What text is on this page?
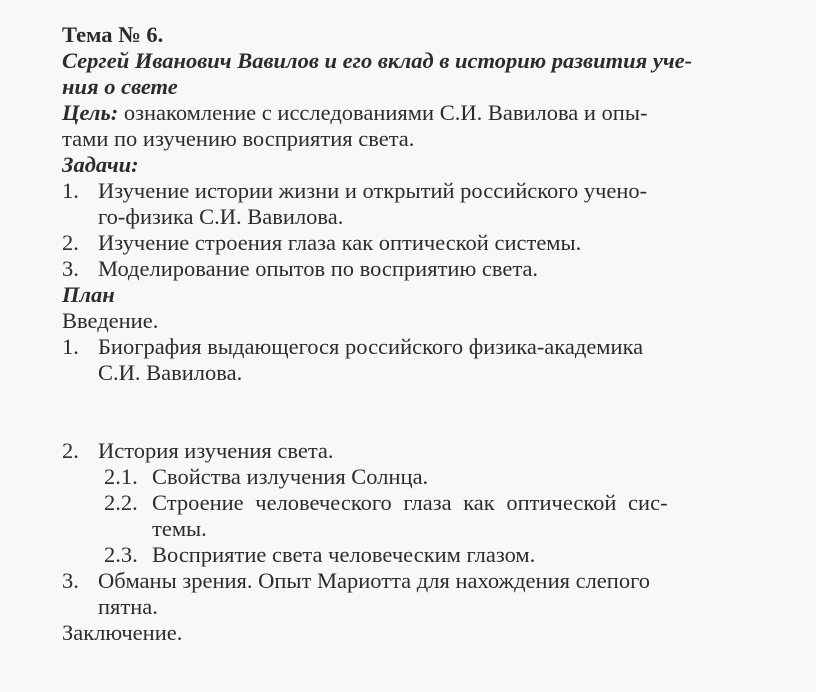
Тема № 6.
Сергей Иванович Вавилов и его вклад в историю развития уче-
ния о свете
Цель: ознакомление с исследованиями С.И. Вавилова и опы-
тами по изучению восприятия света.
Задачи:
1. Изучение истории жизни и открытий российского учено-
го-физика С.И. Вавилова.
2. Изучение строения глаза как оптической системы.
3. Моделирование опытов по восприятию света.
План
Введение.
1. Биография выдающегося российского физика-академика
С.И. Вавилова.
2. История изучения света.
2.1. Свойства излучения Солнца.
2.2. Строение человеческого глаза как оптической сис-
темы.
2.3. Восприятие света человеческим глазом.
3. Обманы зрения. Опыт Мариотта для нахождения слепого
пятна.
Заключение.
